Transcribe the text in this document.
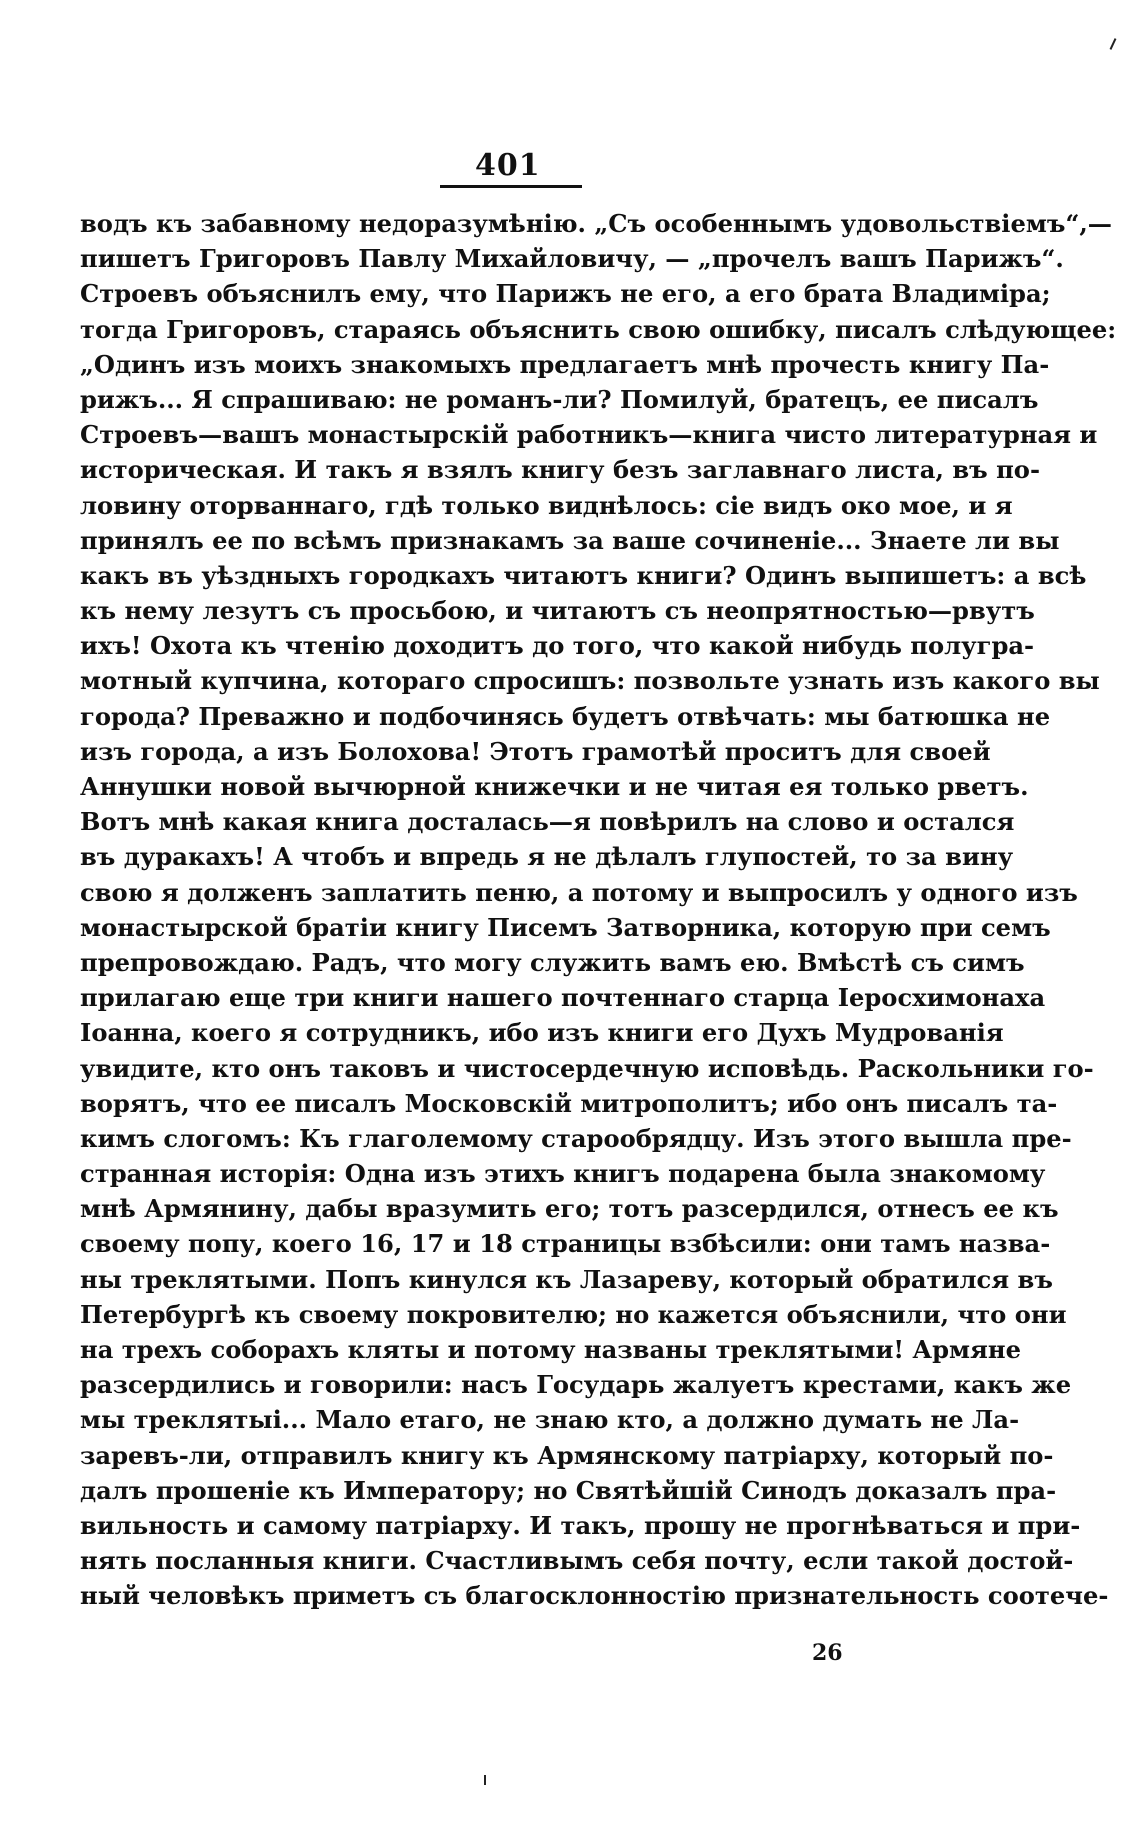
401
водъ къ забавному недоразумѣнію. „Съ особеннымъ удовольствіемъ“,—
пишетъ Григоровъ Павлу Михайловичу, — „прочелъ вашъ Парижъ“.
Строевъ объяснилъ ему, что Парижъ не его, а его брата Владиміра;
тогда Григоровъ, стараясь объяснить свою ошибку, писалъ слѣдующее:
„Одинъ изъ моихъ знакомыхъ предлагаетъ мнѣ прочесть книгу Па-
рижъ... Я спрашиваю: не романъ-ли? Помилуй, братецъ, ее писалъ
Строевъ—вашъ монастырскій работникъ—книга чисто литературная и
историческая. И такъ я взялъ книгу безъ заглавнаго листа, въ по-
ловину оторваннаго, гдѣ только виднѣлось: сіе видъ око мое, и я
принялъ ее по всѣмъ признакамъ за ваше сочиненіе... Знаете ли вы
какъ въ уѣздныхъ городкахъ читаютъ книги? Одинъ выпишетъ: а всѣ
къ нему лезутъ съ просьбою, и читаютъ съ неопрятностью—рвутъ
ихъ! Охота къ чтенію доходитъ до того, что какой нибудь полугра-
мотный купчина, котораго спросишъ: позвольте узнать изъ какого вы
города? Преважно и подбочинясь будетъ отвѣчать: мы батюшка не
изъ города, а изъ Болохова! Этотъ грамотѣй проситъ для своей
Аннушки новой вычюрной книжечки и не читая ея только рветъ.
Вотъ мнѣ какая книга досталась—я повѣрилъ на слово и остался
въ дуракахъ! А чтобъ и впредь я не дѣлалъ глупостей, то за вину
свою я долженъ заплатить пеню, а потому и выпросилъ у одного изъ
монастырской братіи книгу Писемъ Затворника, которую при семъ
препровождаю. Радъ, что могу служить вамъ ею. Вмѣстѣ съ симъ
прилагаю еще три книги нашего почтеннаго старца Іеросхимонаха
Іоанна, коего я сотрудникъ, ибо изъ книги его Духъ Мудрованія
увидите, кто онъ таковъ и чистосердечную исповѣдь. Раскольники го-
ворятъ, что ее писалъ Московскій митрополитъ; ибо онъ писалъ та-
кимъ слогомъ: Къ глаголемому старообрядцу. Изъ этого вышла пре-
странная исторія: Одна изъ этихъ книгъ подарена была знакомому
мнѣ Армянину, дабы вразумить его; тотъ разсердился, отнесъ ее къ
своему попу, коего 16, 17 и 18 страницы взбѣсили: они тамъ назва-
ны треклятыми. Попъ кинулся къ Лазареву, который обратился въ
Петербургѣ къ своему покровителю; но кажется объяснили, что они
на трехъ соборахъ кляты и потому названы треклятыми! Армяне
разсердились и говорили: насъ Государь жалуетъ крестами, какъ же
мы треклятыі... Мало етаго, не знаю кто, а должно думать не Ла-
заревъ-ли, отправилъ книгу къ Армянскому патріарху, который по-
далъ прошеніе къ Императору; но Святѣйшій Синодъ доказалъ пра-
вильность и самому патріарху. И такъ, прошу не прогнѣваться и при-
нять посланныя книги. Счастливымъ себя почту, если такой достой-
ный человѣкъ приметъ съ благосклонностію признательность соотече-
26
